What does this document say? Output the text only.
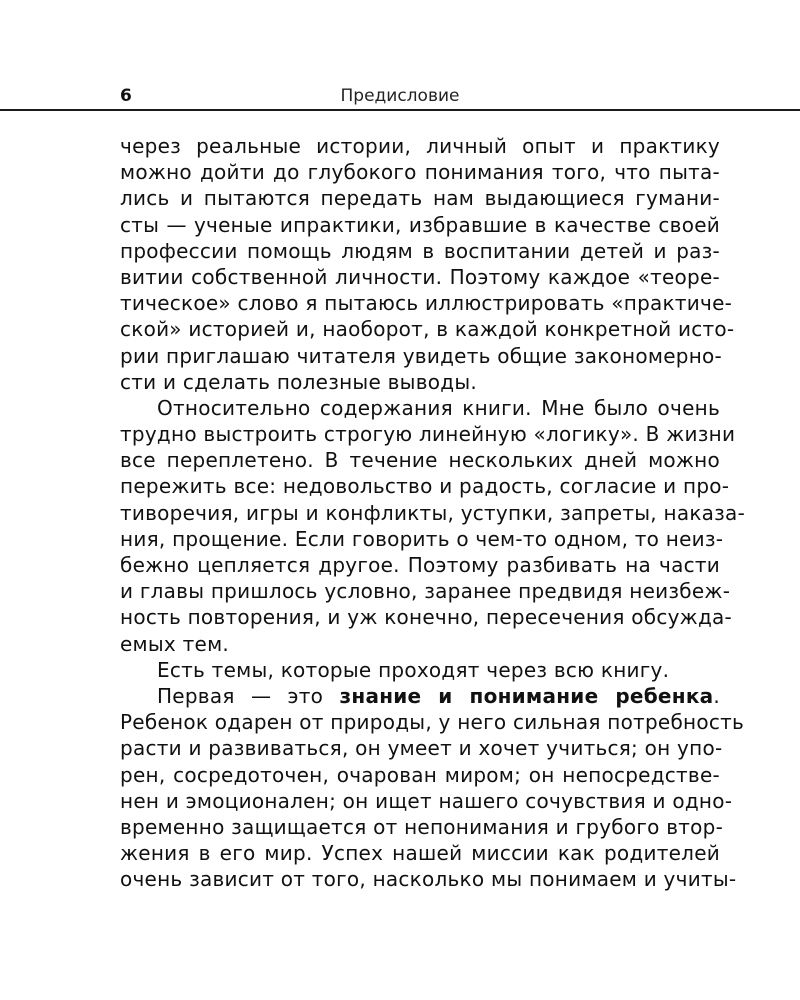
6	Предисловие
через реальные истории, личный опыт и практику
можно дойти до глубокого понимания того, что пыта-
лись и пытаются передать нам выдающиеся гумани-
сты — ученые ипрактики, избравшие в качестве своей
профессии помощь людям в воспитании детей и раз-
витии собственной личности. Поэтому каждое «теоре-
тическое» слово я пытаюсь иллюстрировать «практиче-
ской» историей и, наоборот, в каждой конкретной исто-
рии приглашаю читателя увидеть общие закономерно-
сти и сделать полезные выводы.
Относительно содержания книги. Мне было очень
трудно выстроить строгую линейную «логику». В жизни
все переплетено. В течение нескольких дней можно
пережить все: недовольство и радость, согласие и про-
тиворечия, игры и конфликты, уступки, запреты, наказа-
ния, прощение. Если говорить о чем-то одном, то неиз-
бежно цепляется другое. Поэтому разбивать на части
и главы пришлось условно, заранее предвидя неизбеж-
ность повторения, и уж конечно, пересечения обсужда-
емых тем.
Есть темы, которые проходят через всю книгу.
Первая — это знание и понимание ребенка.
Ребенок одарен от природы, у него сильная потребность
расти и развиваться, он умеет и хочет учиться; он упо-
рен, сосредоточен, очарован миром; он непосредстве-
нен и эмоционален; он ищет нашего сочувствия и одно-
временно защищается от непонимания и грубого втор-
жения в его мир. Успех нашей миссии как родителей
очень зависит от того, насколько мы понимаем и учиты-
